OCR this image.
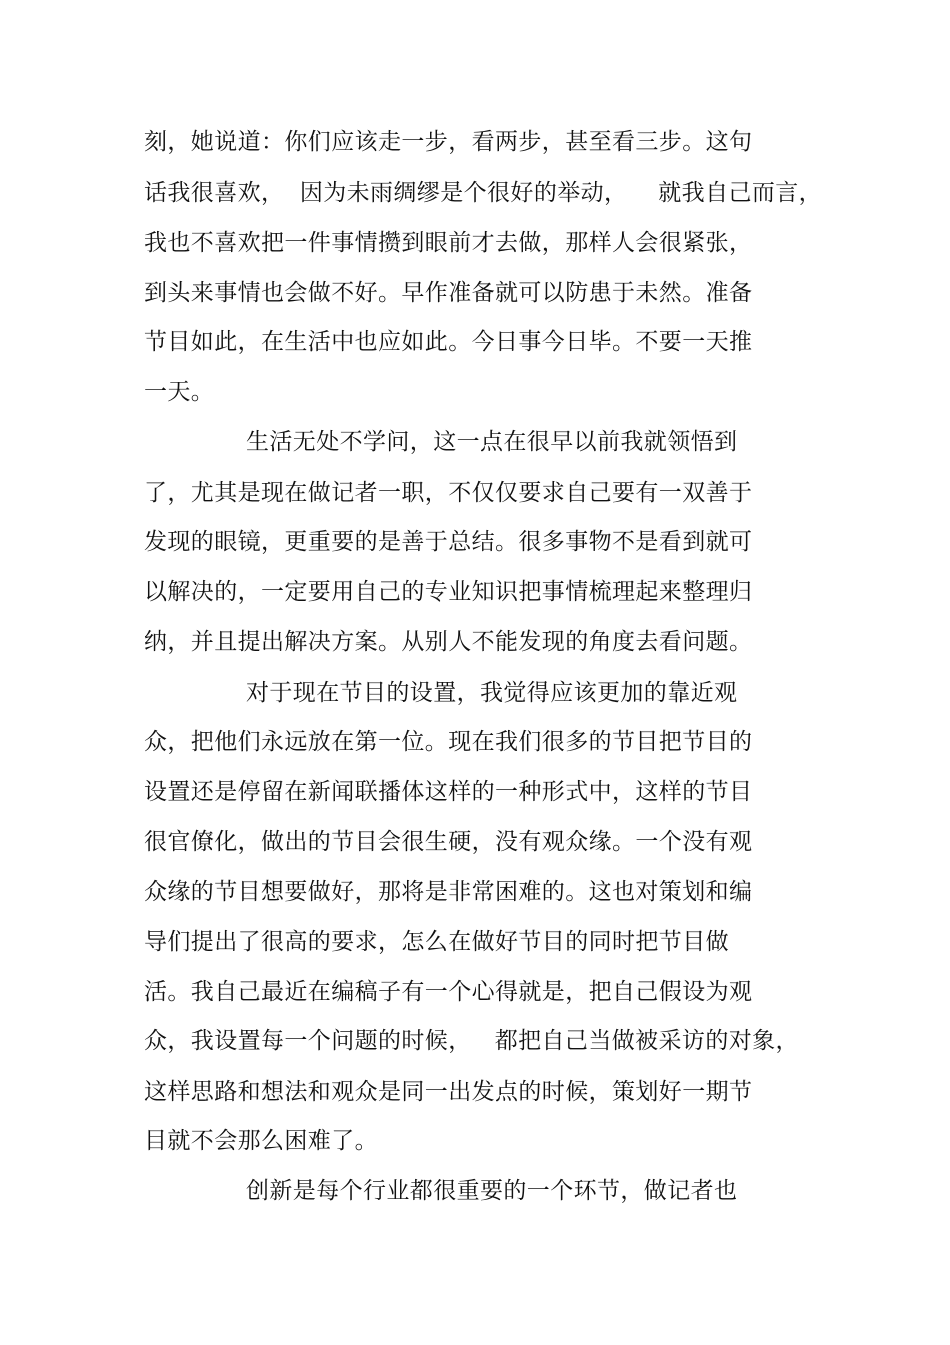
刻，她说道：你们应该走一步，看两步，甚至看三步。这句
话我很喜欢，  因为未雨绸缪是个很好的举动，    就我自己而言，
我也不喜欢把一件事情攒到眼前才去做，那样人会很紧张，
到头来事情也会做不好。早作准备就可以防患于未然。准备
节目如此，在生活中也应如此。今日事今日毕。不要一天推
一天。
生活无处不学问，这一点在很早以前我就领悟到
了，尤其是现在做记者一职，不仅仅要求自己要有一双善于
发现的眼镜，更重要的是善于总结。很多事物不是看到就可
以解决的，一定要用自己的专业知识把事情梳理起来整理归
纳，并且提出解决方案。从别人不能发现的角度去看问题。
对于现在节目的设置，我觉得应该更加的靠近观
众，把他们永远放在第一位。现在我们很多的节目把节目的
设置还是停留在新闻联播体这样的一种形式中，这样的节目
很官僚化，做出的节目会很生硬，没有观众缘。一个没有观
众缘的节目想要做好，那将是非常困难的。这也对策划和编
导们提出了很高的要求，怎么在做好节目的同时把节目做
活。我自己最近在编稿子有一个心得就是，把自己假设为观
众，我设置每一个问题的时候，   都把自己当做被采访的对象，
这样思路和想法和观众是同一出发点的时候，策划好一期节
目就不会那么困难了。
创新是每个行业都很重要的一个环节，做记者也
